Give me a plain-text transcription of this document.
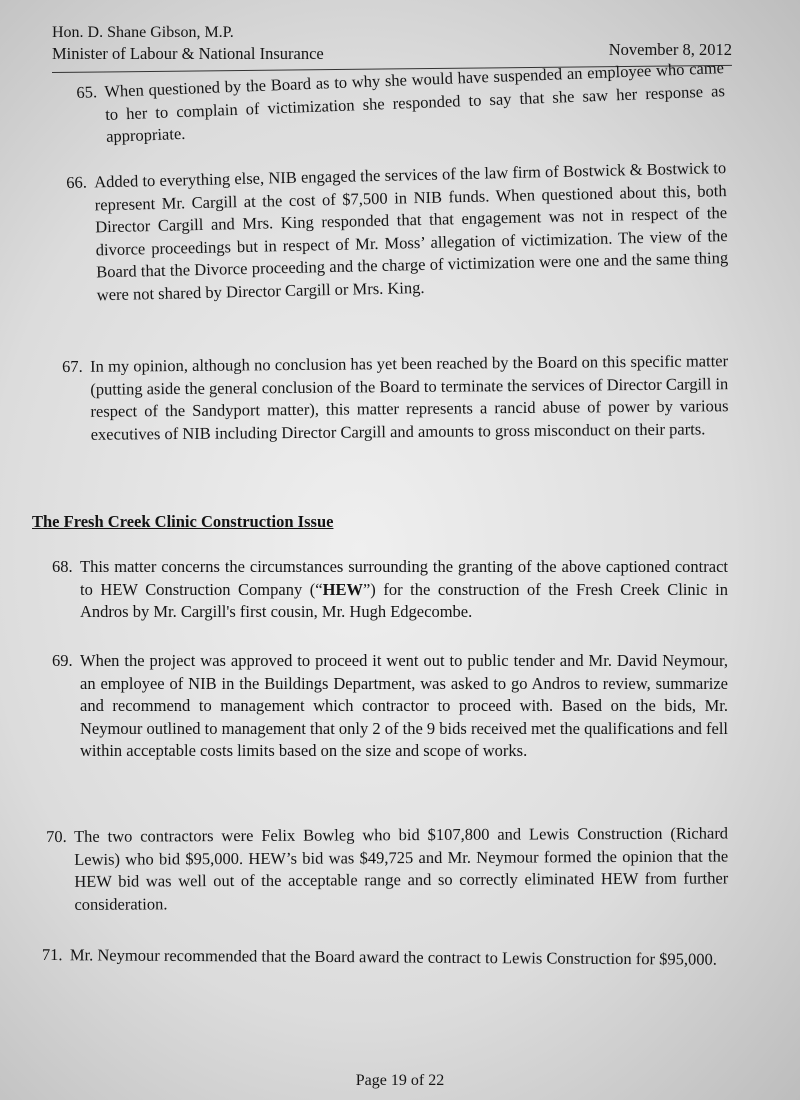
Hon. D. Shane Gibson, M.P.
Minister of Labour & National Insurance	November 8, 2012
65. When questioned by the Board as to why she would have suspended an employee who came to her to complain of victimization she responded to say that she saw her response as appropriate.
66. Added to everything else, NIB engaged the services of the law firm of Bostwick & Bostwick to represent Mr. Cargill at the cost of $7,500 in NIB funds. When questioned about this, both Director Cargill and Mrs. King responded that that engagement was not in respect of the divorce proceedings but in respect of Mr. Moss’ allegation of victimization. The view of the Board that the Divorce proceeding and the charge of victimization were one and the same thing were not shared by Director Cargill or Mrs. King.
67. In my opinion, although no conclusion has yet been reached by the Board on this specific matter (putting aside the general conclusion of the Board to terminate the services of Director Cargill in respect of the Sandyport matter), this matter represents a rancid abuse of power by various executives of NIB including Director Cargill and amounts to gross misconduct on their parts.
The Fresh Creek Clinic Construction Issue
68. This matter concerns the circumstances surrounding the granting of the above captioned contract to HEW Construction Company (“HEW”) for the construction of the Fresh Creek Clinic in Andros by Mr. Cargill's first cousin, Mr. Hugh Edgecombe.
69. When the project was approved to proceed it went out to public tender and Mr. David Neymour, an employee of NIB in the Buildings Department, was asked to go Andros to review, summarize and recommend to management which contractor to proceed with. Based on the bids, Mr. Neymour outlined to management that only 2 of the 9 bids received met the qualifications and fell within acceptable costs limits based on the size and scope of works.
70. The two contractors were Felix Bowleg who bid $107,800 and Lewis Construction (Richard Lewis) who bid $95,000. HEW’s bid was $49,725 and Mr. Neymour formed the opinion that the HEW bid was well out of the acceptable range and so correctly eliminated HEW from further consideration.
71. Mr. Neymour recommended that the Board award the contract to Lewis Construction for $95,000.
Page 19 of 22
